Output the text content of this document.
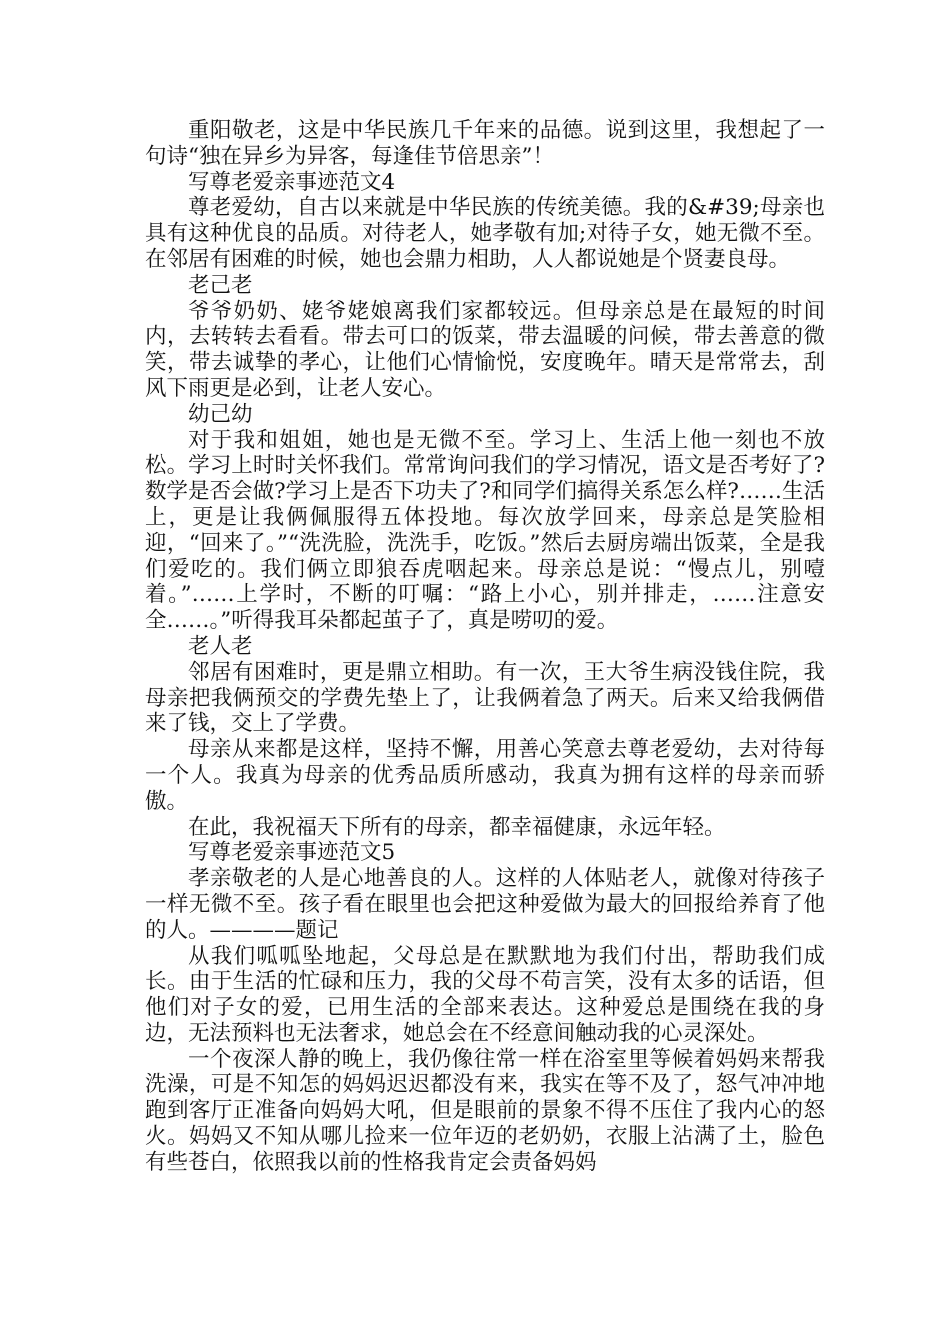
重阳敬老，这是中华民族几千年来的品德。说到这里，我想起了一句诗“独在异乡为异客，每逢佳节倍思亲”！

写尊老爱亲事迹范文4

尊老爱幼，自古以来就是中华民族的传统美德。我的&#39;母亲也具有这种优良的品质。对待老人，她孝敬有加;对待子女，她无微不至。在邻居有困难的时候，她也会鼎力相助，人人都说她是个贤妻良母。

老己老

爷爷奶奶、姥爷姥娘离我们家都较远。但母亲总是在最短的时间内，去转转去看看。带去可口的饭菜，带去温暖的问候，带去善意的微笑，带去诚挚的孝心，让他们心情愉悦，安度晚年。晴天是常常去，刮风下雨更是必到，让老人安心。

幼己幼

对于我和姐姐，她也是无微不至。学习上、生活上他一刻也不放松。学习上时时关怀我们。常常询问我们的学习情况，语文是否考好了?数学是否会做?学习上是否下功夫了?和同学们搞得关系怎么样?……生活上，更是让我俩佩服得五体投地。每次放学回来，母亲总是笑脸相迎，“回来了。”“洗洗脸，洗洗手，吃饭。”然后去厨房端出饭菜，全是我们爱吃的。我们俩立即狼吞虎咽起来。母亲总是说：“慢点儿，别噎着。”……上学时，不断的叮嘱：“路上小心，别并排走，……注意安全……。”听得我耳朵都起茧子了，真是唠叨的爱。

老人老

邻居有困难时，更是鼎立相助。有一次，王大爷生病没钱住院，我母亲把我俩预交的学费先垫上了，让我俩着急了两天。后来又给我俩借来了钱，交上了学费。

母亲从来都是这样，坚持不懈，用善心笑意去尊老爱幼，去对待每一个人。我真为母亲的优秀品质所感动，我真为拥有这样的母亲而骄傲。

在此，我祝福天下所有的母亲，都幸福健康，永远年轻。

写尊老爱亲事迹范文5

孝亲敬老的人是心地善良的人。这样的人体贴老人，就像对待孩子一样无微不至。孩子看在眼里也会把这种爱做为最大的回报给养育了他的人。————题记

从我们呱呱坠地起，父母总是在默默地为我们付出，帮助我们成长。由于生活的忙碌和压力，我的父母不苟言笑，没有太多的话语，但他们对子女的爱，已用生活的全部来表达。这种爱总是围绕在我的身边，无法预料也无法奢求，她总会在不经意间触动我的心灵深处。

一个夜深人静的晚上，我仍像往常一样在浴室里等候着妈妈来帮我洗澡，可是不知怎的妈妈迟迟都没有来，我实在等不及了，怒气冲冲地跑到客厅正准备向妈妈大吼，但是眼前的景象不得不压住了我内心的怒火。妈妈又不知从哪儿捡来一位年迈的老奶奶，衣服上沾满了土，脸色有些苍白，依照我以前的性格我肯定会责备妈妈
